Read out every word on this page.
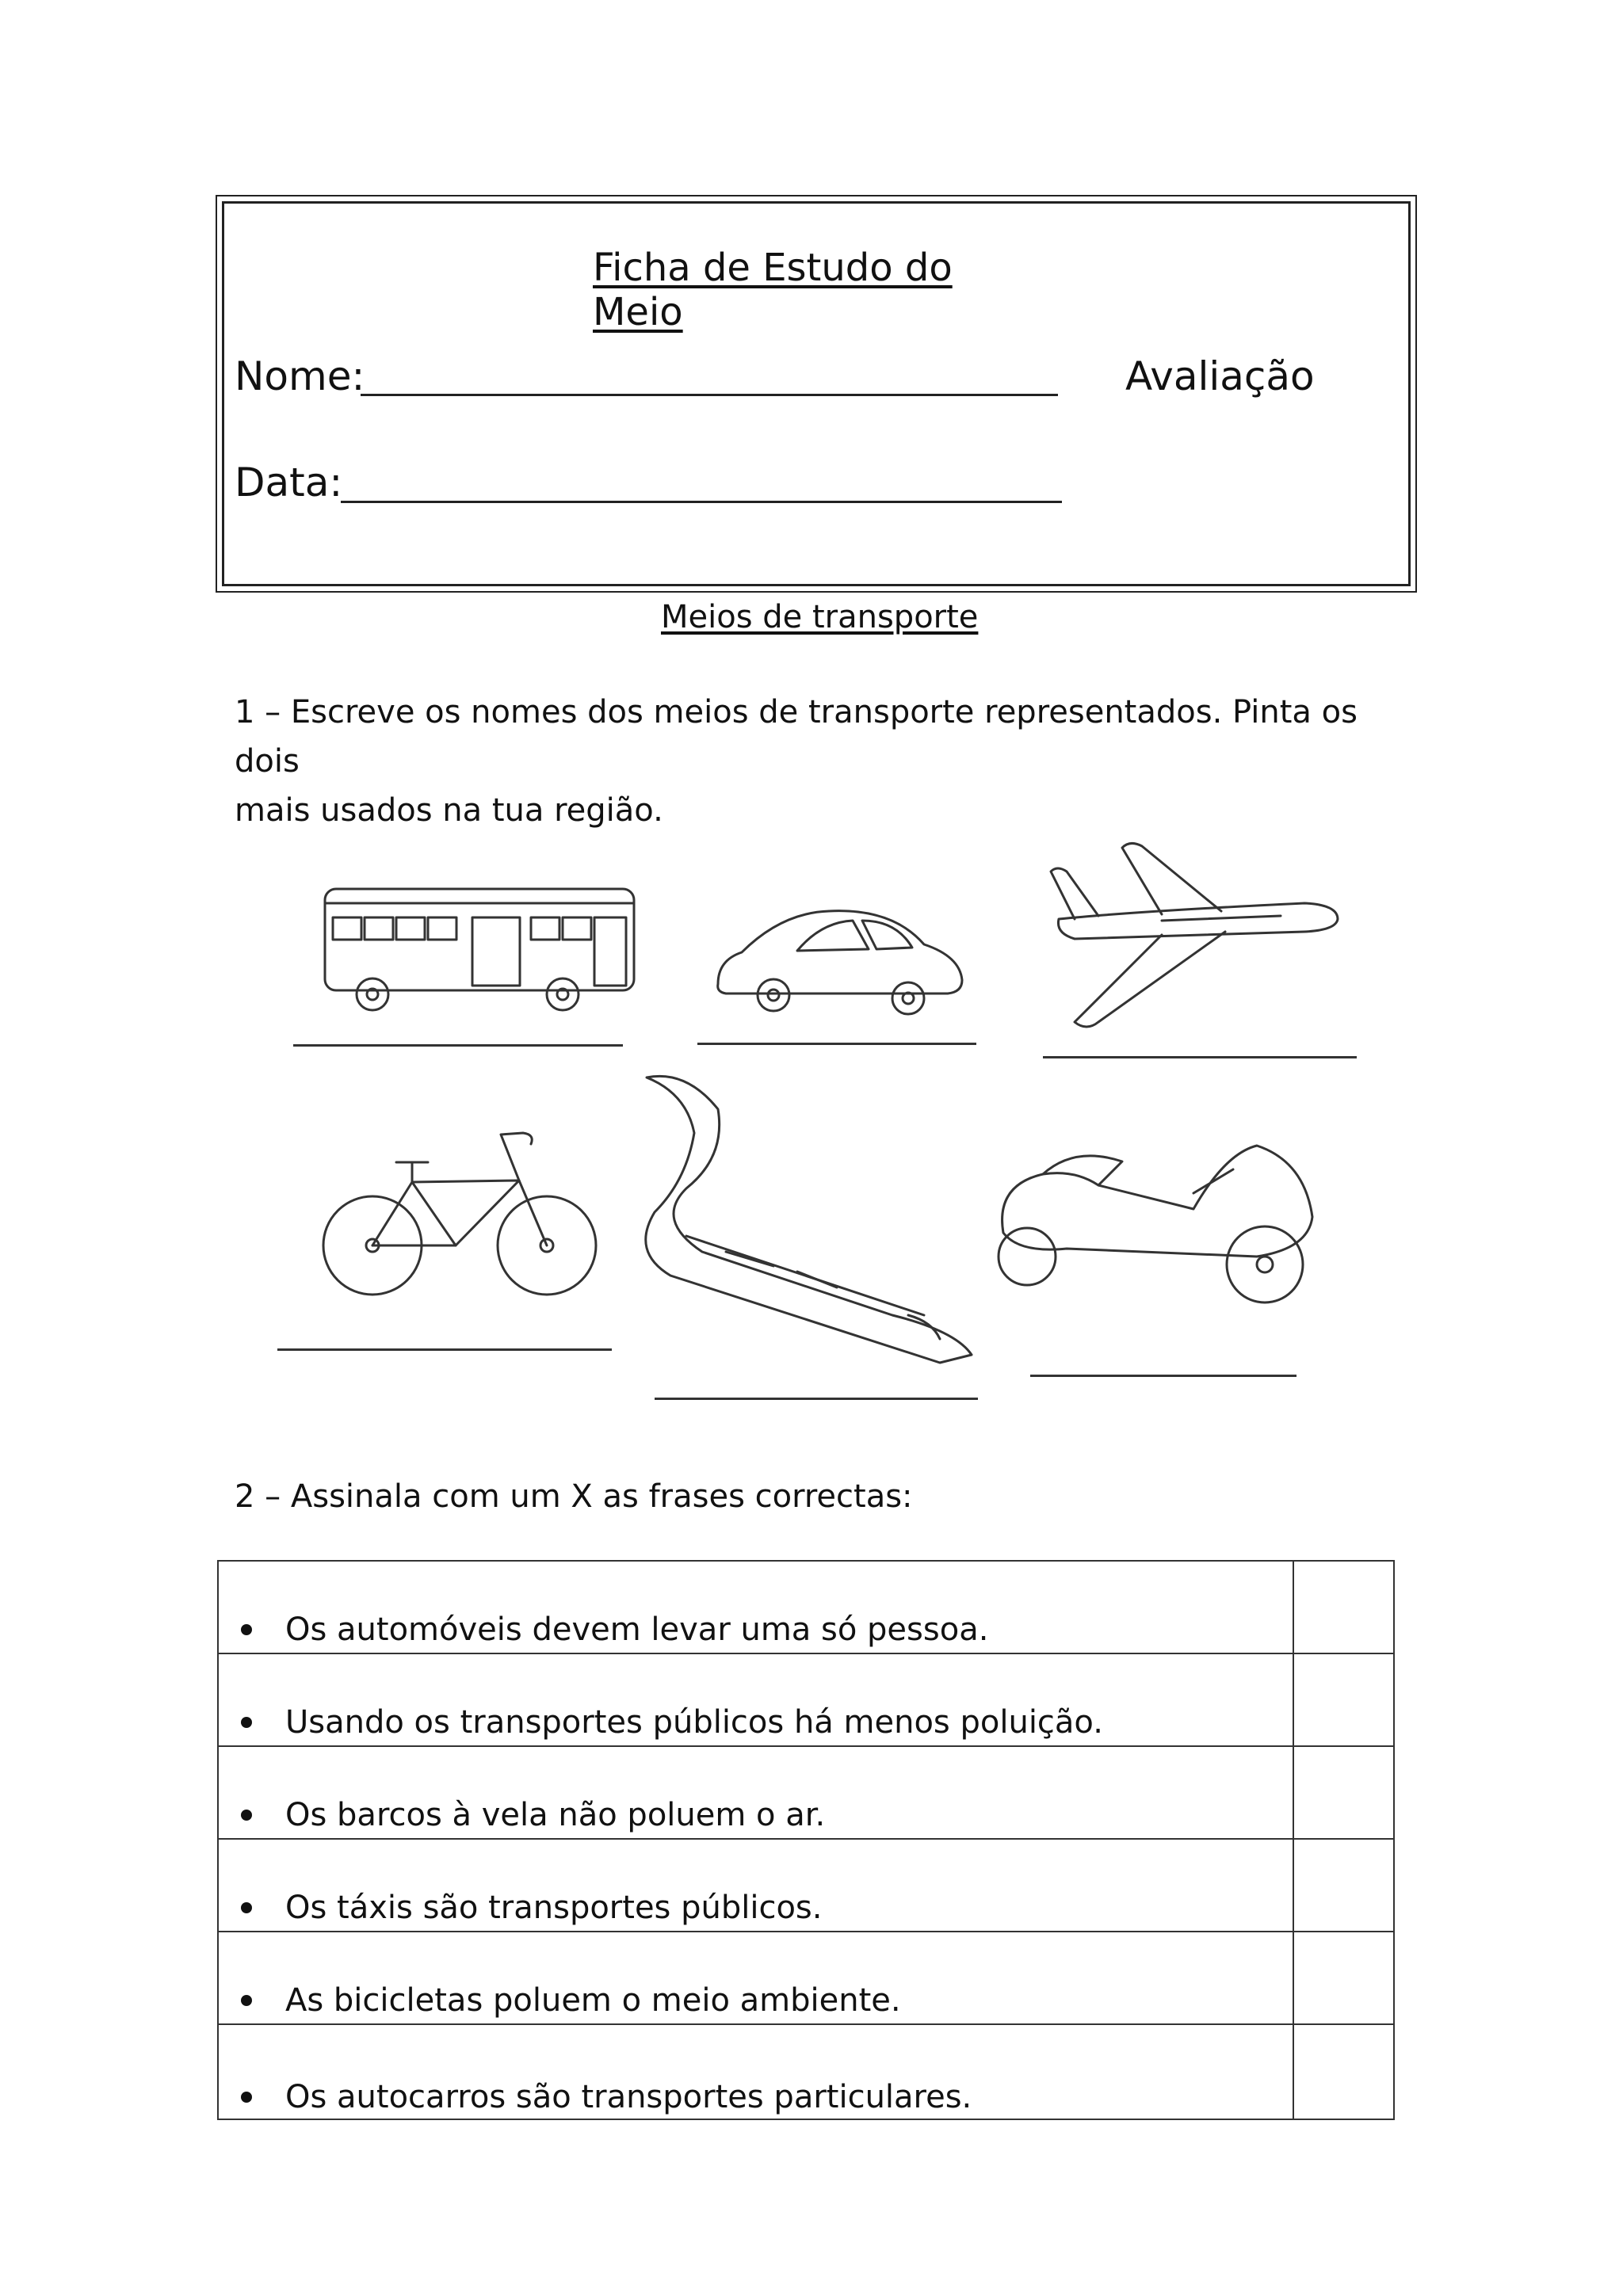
Ficha de Estudo do Meio
Nome:	Avaliação
Data:
Meios de transporte
1 – Escreve os nomes dos meios de transporte representados. Pinta os dois
mais usados na tua região.
2 – Assinala com um X as frases correctas:
Os automóveis devem levar uma só pessoa.
Usando os transportes públicos há menos poluição.
Os barcos à vela não poluem o ar.
Os táxis são transportes públicos.
As bicicletas poluem o meio ambiente.
Os autocarros são transportes particulares.
